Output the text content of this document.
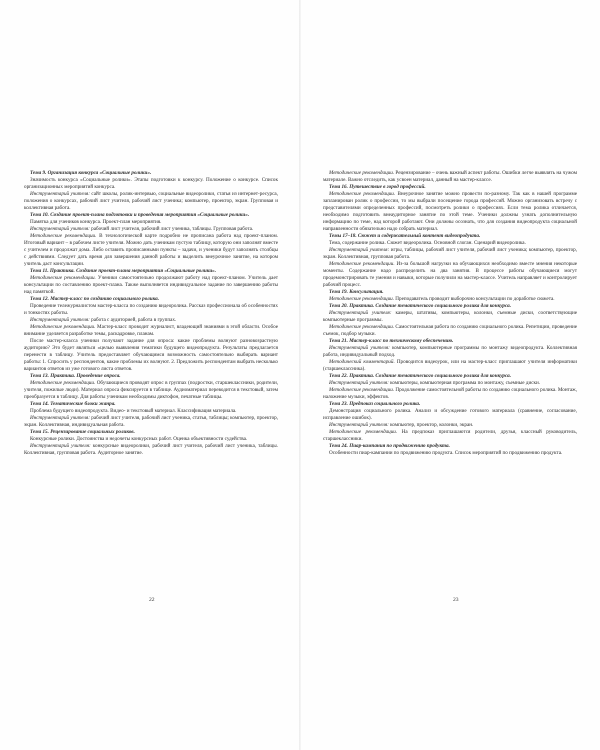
Тема 9. Организация конкурса «Социальные ролики».

Значимость конкурса «Социальные ролики». Этапы подготовки к конкурсу. Положение о конкурсе. Список организационных мероприятий конкурса.

Инструментарий учителя: сайт школы, ролик-интервью, социальные видеоролики, статья из интернет-ресурса, положения о конкурсах, рабочий лист учителя, рабочий лист ученика; компьютер, проектор, экран. Групповая и коллективная работа.

Тема 10. Создание проект-плана подготовки и проведения мероприятия «Социальные ролики».

Памятка для учеников конкурса. Проект-план мероприятия.

Инструментарий учителя: рабочий лист учителя, рабочий лист ученика, таблицы. Групповая работа.

Методические рекомендации. В технологической карте подробно не прописана работа над проект-планом. Итоговый вариант – в рабочем листе учителя. Можно дать ученикам пустую таблицу, которую они заполнят вместе с учителем и продолжат дома. Либо оставить прописанными пункты – задачи, и ученики будут заполнять столбцы с действиями. Следует дать время для завершения данной работы и выделить внеурочное занятие, на котором учитель даст консультации.

Тема 11. Практика. Создание проект-плана мероприятия «Социальные ролики».

Методические рекомендации. Ученики самостоятельно продолжают работу над проект-планом. Учитель дает консультации по составлению проект-плана. Также выполняется индивидуальное задание по завершению работы над памяткой.

Тема 12. Мастер-класс по созданию социального ролика.

Проведение тележурналистом мастер-класса по созданию видеоролика. Рассказ профессионала об особенностях и тонкостях работы.

Инструментарий учителя: работа с аудиторией, работа в группах.

Методические рекомендации. Мастер-класс проводит журналист, владеющий знаниями в этой области. Особое внимание уделяется разработке темы, раскадровке, планам.

После мастер-класса ученики получают задание для опроса: какие проблемы волнуют разновозрастную аудиторию? Это будет являться «целью выявления тематики будущего видеопродукта. Результаты предлагается перенести в таблицу. Учитель предоставляет обучающимся возможность самостоятельно выбирать вариант работы: 1. Спросить у респондентов, какие проблемы их волнуют. 2. Предложить респондентам выбрать несколько вариантов ответов из уже готового листа ответов.

Тема 13. Практика. Проведение опроса.

Методические рекомендации. Обучающиеся проводят опрос в группах (подростки, старшеклассники, родители, учителя, пожилые люди). Материал опроса фиксируется в таблице. Аудиоматериал переводится в текстовый, затем преобразуется в таблицу. Для работы ученикам необходимы диктофон, печатные таблицы.

Тема 14. Тематические блоки жанра.

Проблема будущего видеопродукта. Видео- и текстовый материал. Классификация материала.

Инструментарий учителя: рабочий лист учителя, рабочий лист ученика, статья, таблицы; компьютер, проектор, экран. Коллективная, индивидуальная работа.

Тема 15. Рецензирование социальных роликов.

Конкурсные ролики. Достоинства и недочеты конкурсных работ. Оценка объективности судейства.

Инструментарий учителя: конкурсные видеоролики, рабочий лист учителя, рабочий лист ученика, таблицы. Коллективная, групповая работа. Аудиторное занятие.

22

Методические рекомендации. Рецензирование – очень важный аспект работы. Ошибки легче выявлять на чужом материале. Важно отследить, как усвоен материал, данный на мастер-классе.

Тема 16. Путешествие в город профессий.

Методические рекомендации. Внеурочное занятие можно провести по-разному. Так как в нашей программе запланирован ролик о профессии, то мы выбрали посещение города профессий. Можно организовать встречу с представителями определенных профессий, посмотреть ролики о профессиях. Если тема ролика отличается, необходимо подготовить внеаудиторное занятие по этой теме. Ученики должны узнать дополнительную информацию по теме, над которой работают. Они должны осознать, что для создания видеопродукта социальной направленности обязательно надо собрать материал.

Темы 17–18. Сюжет и содержательный контент видеопродукта.

Тема, содержание ролика. Сюжет видеоролика. Основной слоган. Сценарий видеоролика.

Инструментарий учителя: игры, таблицы, рабочий лист учителя, рабочий лист ученика; компьютер, проектор, экран. Коллективная, групповая работа.

Методические рекомендации. Из-за большой нагрузки на обучающихся необходимо вместе мнения некоторые моменты. Содержание надо распределить на два занятия. В процессе работы обучающиеся могут продемонстрировать те умения и навыки, которые получили на мастер-классе. Учитель направляет и контролирует рабочий процесс.

Тема 19. Консультация.

Методические рекомендации. Преподаватель проводит выборочно консультации по доработке сюжета.

Тема 20. Практика. Создание тематического социального ролика для конкурса.

Инструментарий учителя: камеры, штативы, компьютеры, колонки, съемные диски, соответствующие компьютерные программы.

Методические рекомендации. Самостоятельная работа по созданию социального ролика. Репетиции, проведение съемок, подбор музыки.

Тема 21. Мастер-класс по техническому обеспечению.

Инструментарий учителя: компьютер, компьютерные программы по монтажу видеопродукта. Коллективная работа, индивидуальный подход.

Методический комментарий. Проводится видеоурок, или на мастер-класс приглашают учителя информатики (старшеклассника).

Тема 22. Практика. Создание тематического социального ролика для конкурса.

Инструментарий учителя: компьютеры, компьютерная программа по монтажу, съемные диски.

Методические рекомендации. Продолжение самостоятельной работы по созданию социального ролика. Монтаж, наложение музыки, эффектов.

Тема 23. Предпоказ социального ролика.

Демонстрация социального ролика. Анализ и обсуждение готового материала (сравнение, согласование, исправление ошибок).

Инструментарий учителя: компьютер, проектор, колонки, экран.

Методические рекомендации. На предпоказ приглашаются родители, друзья, классный руководитель, старшеклассники.

Тема 24. Пиар-кампания по продвижению продукта.

Особенности пиар-кампании по продвижению продукта. Список мероприятий по продвижению продукта.

23
